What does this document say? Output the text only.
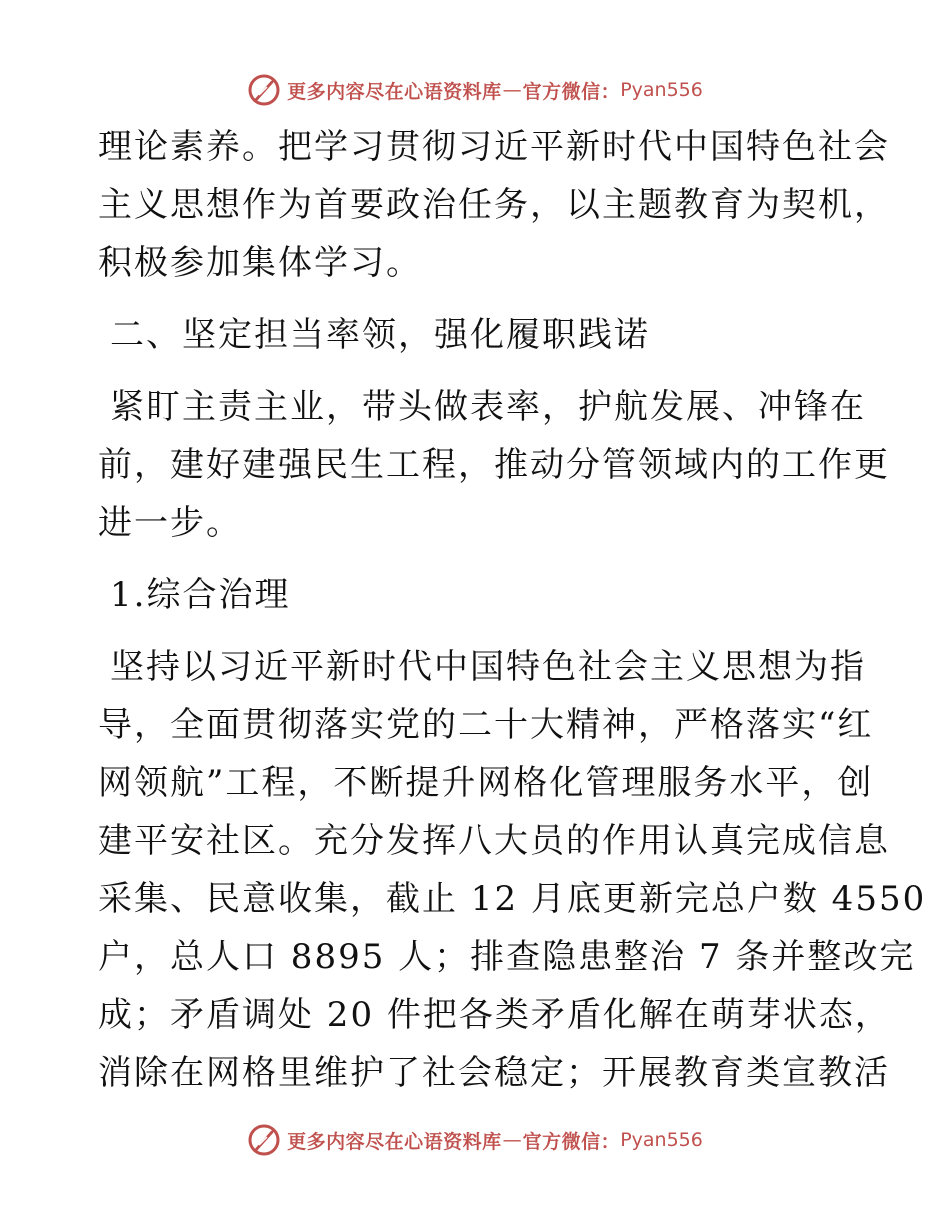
更多内容尽在心语资料库 — 官方微信： Pyan556
理论素养。把学习贯彻习近平新时代中国特色社会
主义思想作为首要政治任务，以主题教育为契机，
积极参加集体学习。
二、坚定担当率领，强化履职践诺
紧盯主责主业，带头做表率，护航发展、冲锋在
前，建好建强民生工程，推动分管领域内的工作更
进一步。
1.综合治理
坚持以习近平新时代中国特色社会主义思想为指
导，全面贯彻落实党的二十大精神，严格落实“红
网领航”工程，不断提升网格化管理服务水平，创
建平安社区。充分发挥八大员的作用认真完成信息
采集、民意收集，截止 12 月底更新完总户数 4550
户，总人口 8895 人；排查隐患整治 7 条并整改完
成；矛盾调处 20 件把各类矛盾化解在萌芽状态，
消除在网格里维护了社会稳定；开展教育类宣教活
更多内容尽在心语资料库 — 官方微信： Pyan556
